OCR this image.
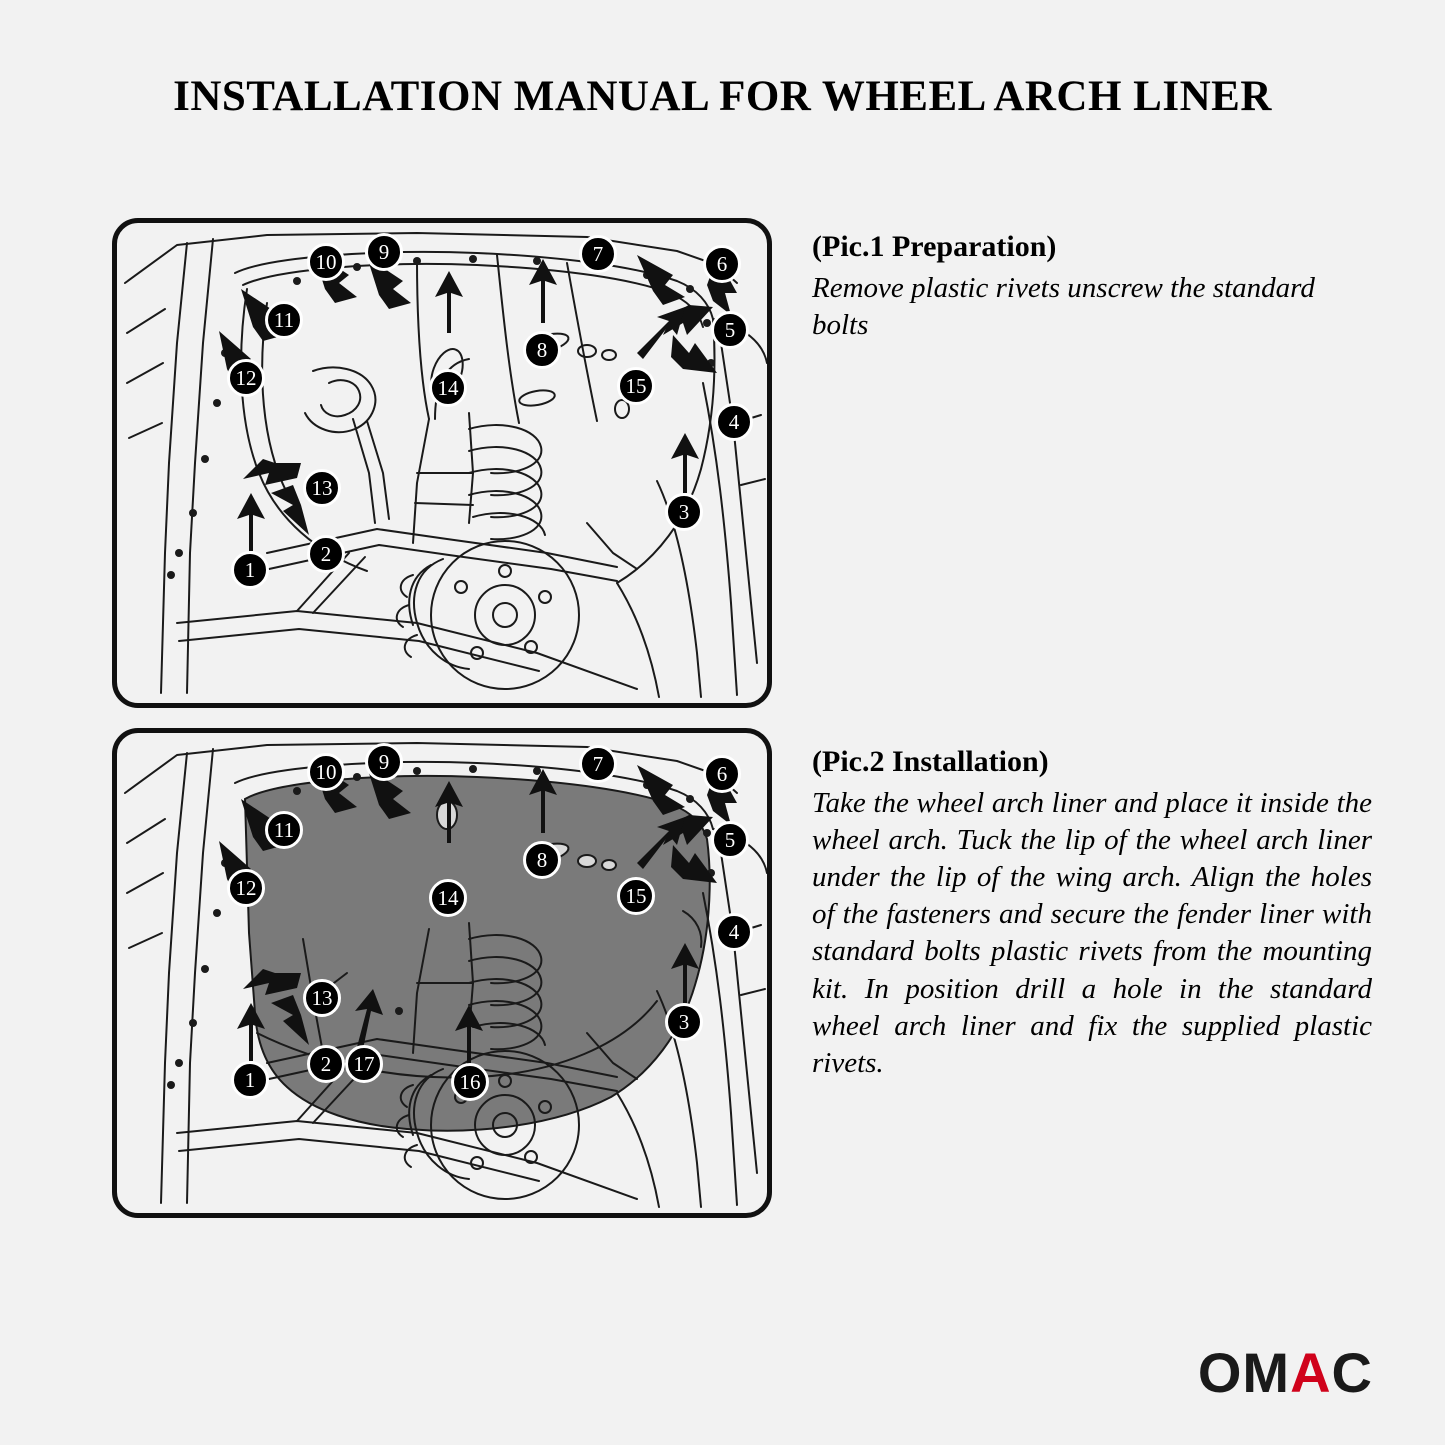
INSTALLATION MANUAL FOR WHEEL ARCH LINER
10	9	7	6
11	5
8
12	14	15
4
13
3
2
1
(Pic.1 Preparation)
Remove plastic rivets unscrew the standard bolts
10	9	7	6
11	5
8
12	14	15
4
13
17
16
3
2
1
(Pic.2 Installation)
Take the wheel arch liner and place it inside the wheel arch. Tuck the lip of the wheel arch liner under the lip of the wing arch. Align the holes of the fasteners and secure the fender liner with standard bolts plastic rivets from the mounting kit. In position drill a hole in the standard wheel arch liner and fix the supplied plastic rivets.
OMAC
